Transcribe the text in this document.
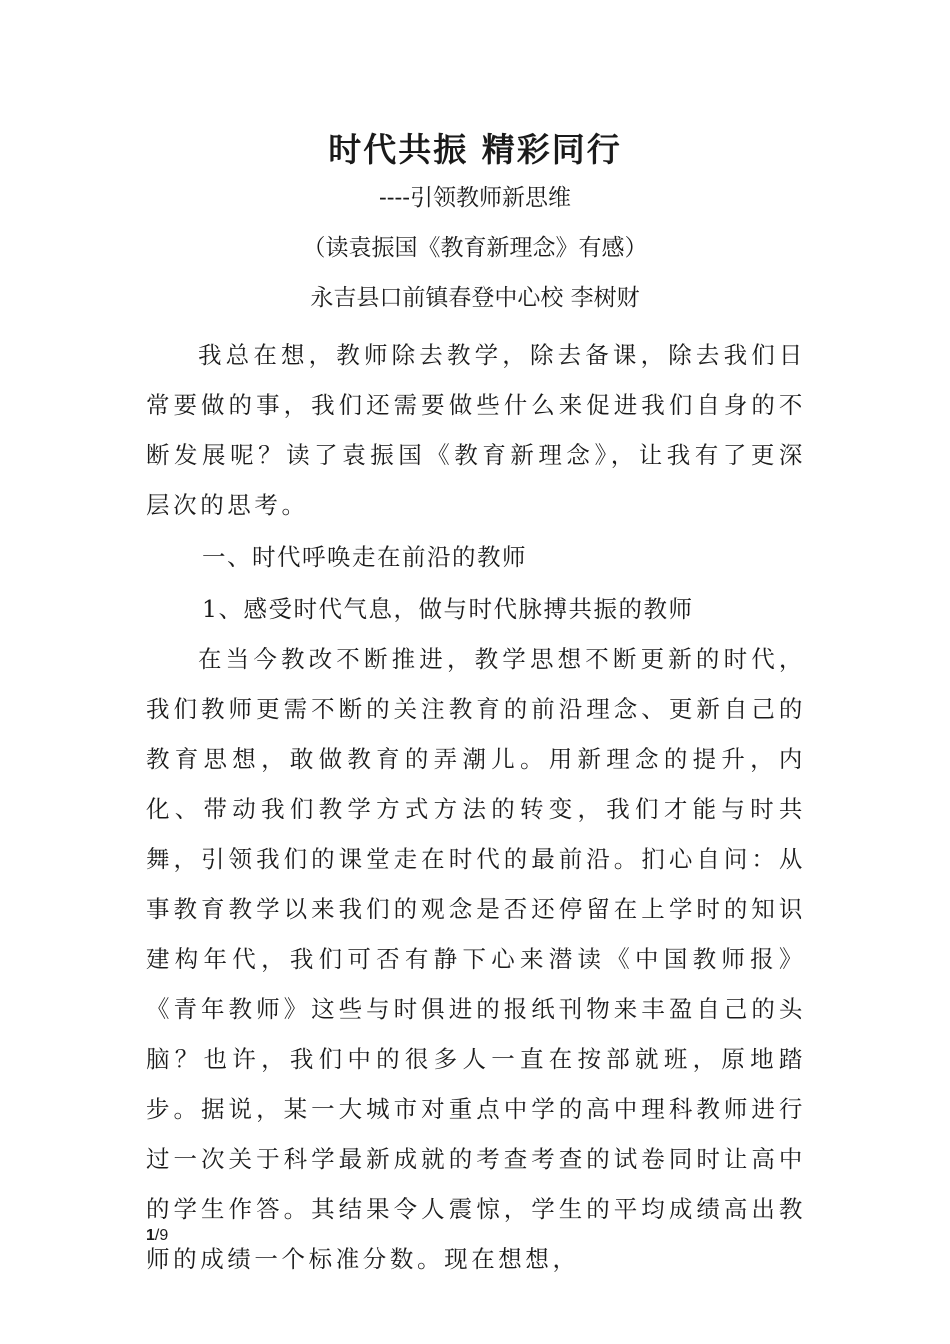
时代共振 精彩同行
----引领教师新思维
（读袁振国《教育新理念》有感）
永吉县口前镇春登中心校 李树财

我总在想，教师除去教学，除去备课，除去我们日常要做的事，我们还需要做些什么来促进我们自身的不断发展呢？读了袁振国《教育新理念》，让我有了更深层次的思考。

一、时代呼唤走在前沿的教师

1、感受时代气息，做与时代脉搏共振的教师

在当今教改不断推进，教学思想不断更新的时代，我们教师更需不断的关注教育的前沿理念、更新自己的教育思想，敢做教育的弄潮儿。用新理念的提升，内化、带动我们教学方式方法的转变，我们才能与时共舞，引领我们的课堂走在时代的最前沿。扪心自问：从事教育教学以来我们的观念是否还停留在上学时的知识建构年代，我们可否有静下心来潜读《中国教师报》《青年教师》这些与时俱进的报纸刊物来丰盈自己的头脑？也许，我们中的很多人一直在按部就班，原地踏步。据说，某一大城市对重点中学的高中理科教师进行过一次关于科学最新成就的考查考查的试卷同时让高中的学生作答。其结果令人震惊，学生的平均成绩高出教师的成绩一个标准分数。现在想想，

1/9
